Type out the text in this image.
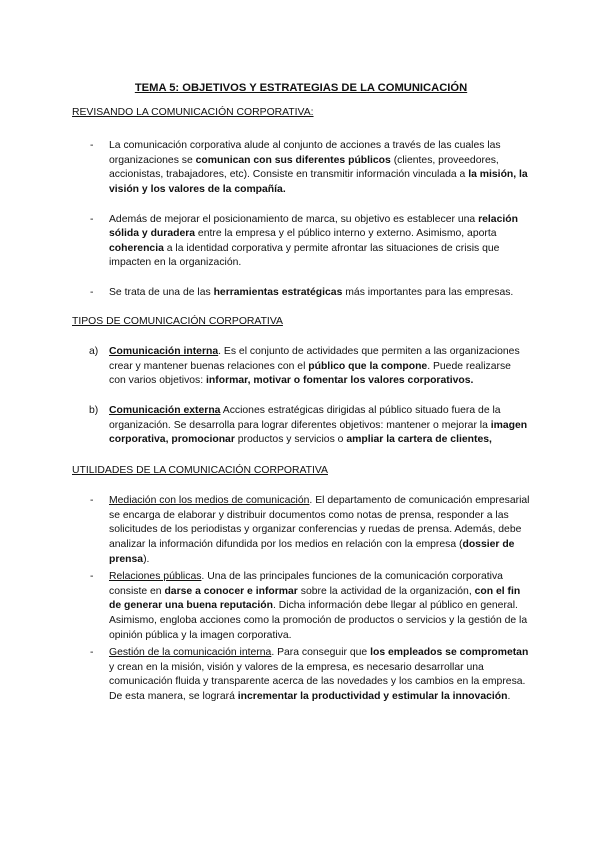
TEMA 5: OBJETIVOS Y ESTRATEGIAS DE LA COMUNICACIÓN

REVISANDO LA COMUNICACIÓN CORPORATIVA:

- La comunicación corporativa alude al conjunto de acciones a través de las cuales las organizaciones se comunican con sus diferentes públicos (clientes, proveedores, accionistas, trabajadores, etc). Consiste en transmitir información vinculada a la misión, la visión y los valores de la compañía.
- Además de mejorar el posicionamiento de marca, su objetivo es establecer una relación sólida y duradera entre la empresa y el público interno y externo. Asimismo, aporta coherencia a la identidad corporativa y permite afrontar las situaciones de crisis que impacten en la organización.
- Se trata de una de las herramientas estratégicas más importantes para las empresas.

TIPOS DE COMUNICACIÓN CORPORATIVA

a) Comunicación interna. Es el conjunto de actividades que permiten a las organizaciones crear y mantener buenas relaciones con el público que la compone. Puede realizarse con varios objetivos: informar, motivar o fomentar los valores corporativos.
b) Comunicación externa Acciones estratégicas dirigidas al público situado fuera de la organización. Se desarrolla para lograr diferentes objetivos: mantener o mejorar la imagen corporativa, promocionar productos y servicios o ampliar la cartera de clientes,

UTILIDADES DE LA COMUNICACIÓN CORPORATIVA

- Mediación con los medios de comunicación. El departamento de comunicación empresarial se encarga de elaborar y distribuir documentos como notas de prensa, responder a las solicitudes de los periodistas y organizar conferencias y ruedas de prensa. Además, debe analizar la información difundida por los medios en relación con la empresa (dossier de prensa).
- Relaciones públicas. Una de las principales funciones de la comunicación corporativa consiste en darse a conocer e informar sobre la actividad de la organización, con el fin de generar una buena reputación. Dicha información debe llegar al público en general. Asimismo, engloba acciones como la promoción de productos o servicios y la gestión de la opinión pública y la imagen corporativa.
- Gestión de la comunicación interna. Para conseguir que los empleados se comprometan y crean en la misión, visión y valores de la empresa, es necesario desarrollar una comunicación fluida y transparente acerca de las novedades y los cambios en la empresa. De esta manera, se logrará incrementar la productividad y estimular la innovación.
